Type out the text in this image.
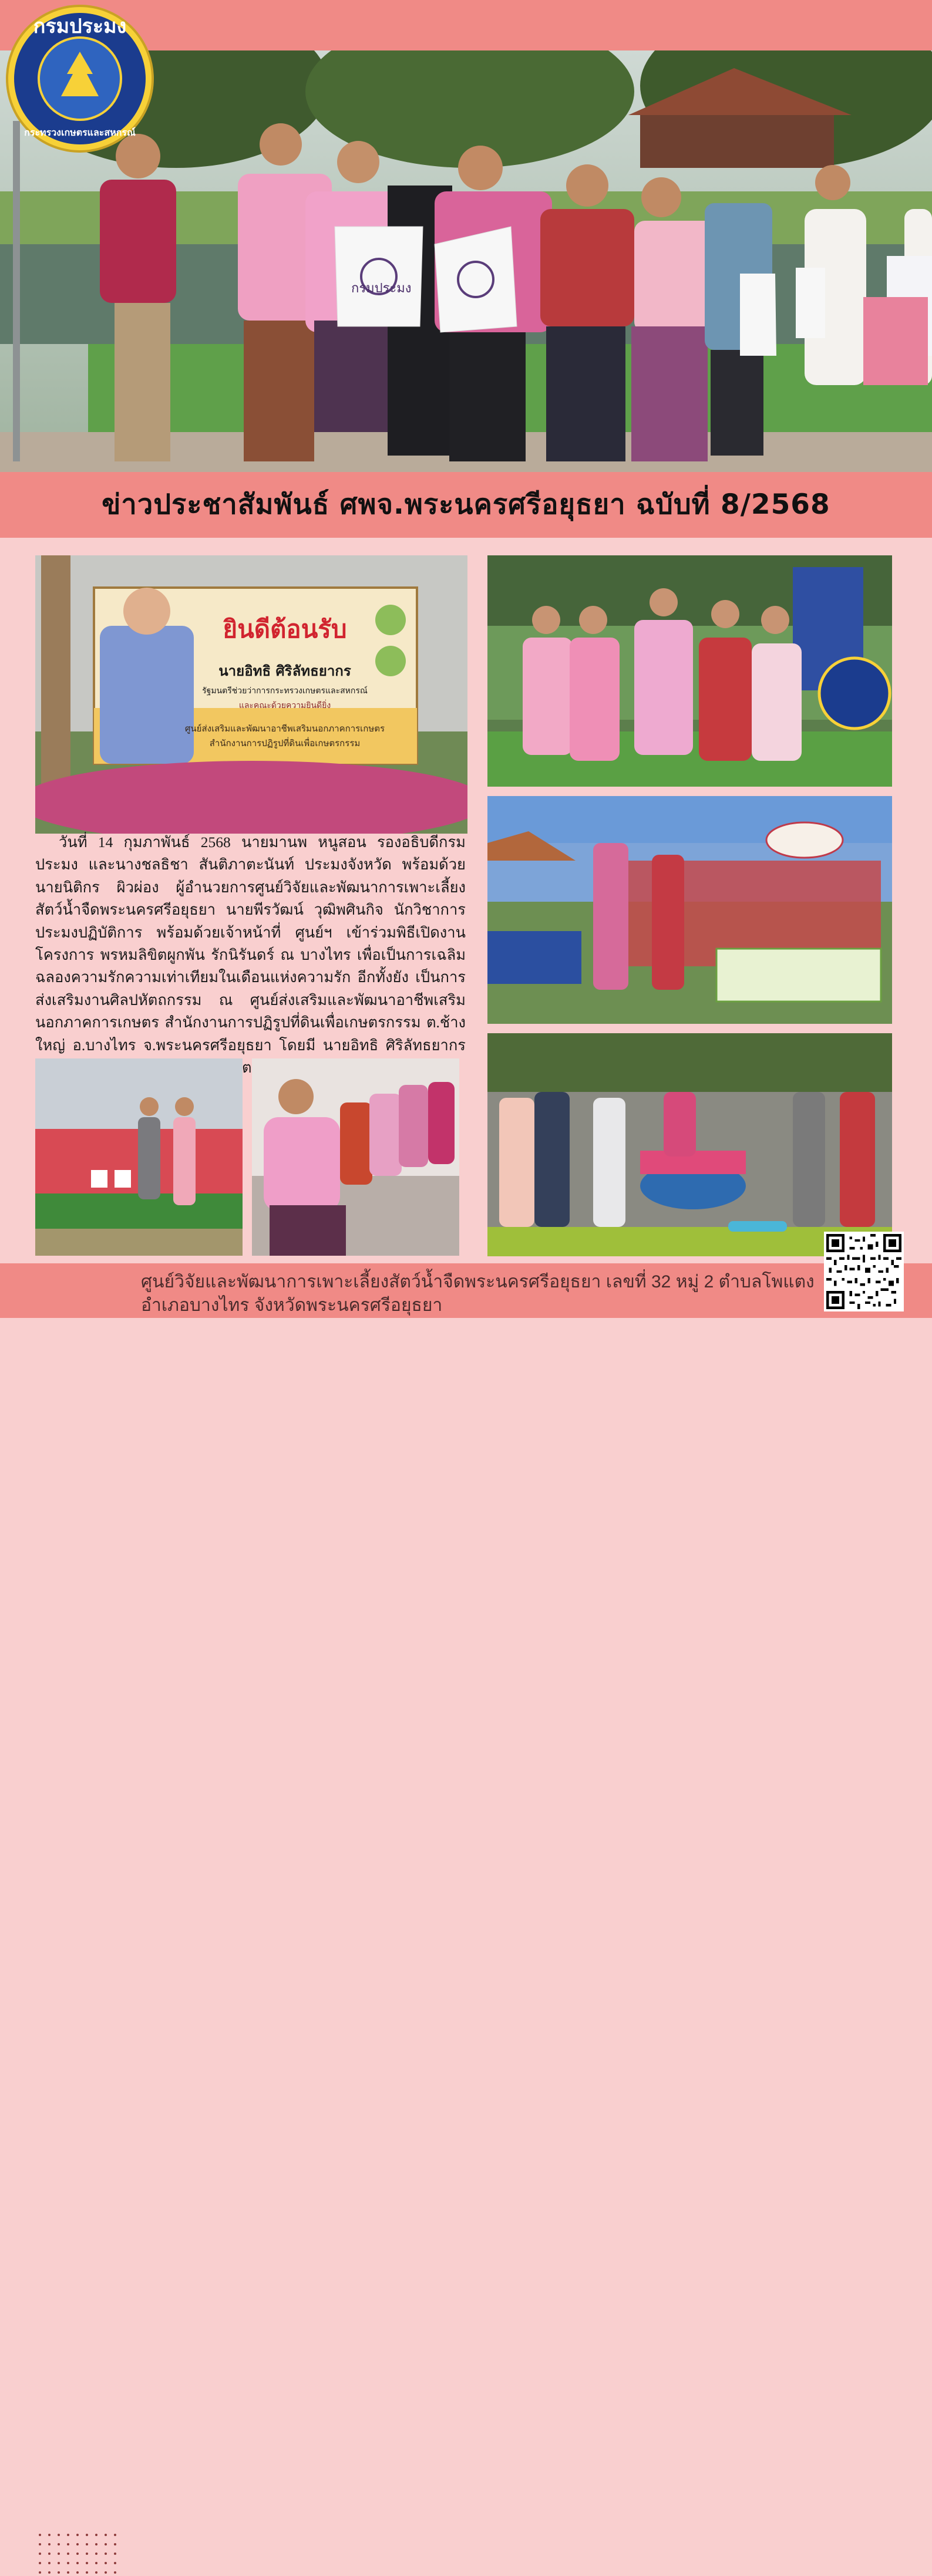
กรมประมง
กรมประมง
กระทรวงเกษตรและสหกรณ์
ข่าวประชาสัมพันธ์ ศพจ.พระนครศรีอยุธยา ฉบับที่ 8/2568
ยินดีต้อนรับ
นายอิทธิ ศิริลัทธยากร
รัฐมนตรีช่วยว่าการกระทรวงเกษตรและสหกรณ์
และคณะด้วยความยินดียิ่ง
ศูนย์ส่งเสริมและพัฒนาอาชีพเสริมนอกภาคการเกษตร
สำนักงานการปฏิรูปที่ดินเพื่อเกษตรกรรม
วันที่ 14 กุมภาพันธ์ 2568 นายมานพ หนูสอน รองอธิบดีกรมประมง และนางชลธิชา สันติภาตะนันท์ ประมงจังหวัด พร้อมด้วย นายนิติกร ผิวผ่อง ผู้อำนวยการศูนย์วิจัยและพัฒนาการเพาะเลี้ยงสัตว์น้ำจืดพระนครศรีอยุธยา นายพีรวัฒน์ วุฒิพศินกิจ นักวิชาการประมงปฏิบัติการ พร้อมด้วยเจ้าหน้าที่ ศูนย์ฯ เข้าร่วมพิธีเปิดงานโครงการ พรหมลิขิตผูกพัน รักนิรันดร์ ณ บางไทร เพื่อเป็นการเฉลิมฉลองความรักความเท่าเทียมในเดือนแห่งความรัก อีกทั้งยัง เป็นการส่งเสริมงานศิลปหัตถกรรม ณ ศูนย์ส่งเสริมและพัฒนาอาชีพเสริม นอกภาคการเกษตร สำนักงานการปฏิรูปที่ดินเพื่อเกษตรกรรม ต.ช้างใหญ่ อ.บางไทร จ.พระนครศรีอยุธยา โดยมี นายอิทธิ ศิริลัทธยากร
ศูนย์วิจัยและพัฒนาการเพาะเลี้ยงสัตว์น้ำจืดพระนครศรีอยุธยา เลขที่ 32 หมู่ 2 ตำบลโพแตง
อำเภอบางไทร จังหวัดพระนครศรีอยุธยา
